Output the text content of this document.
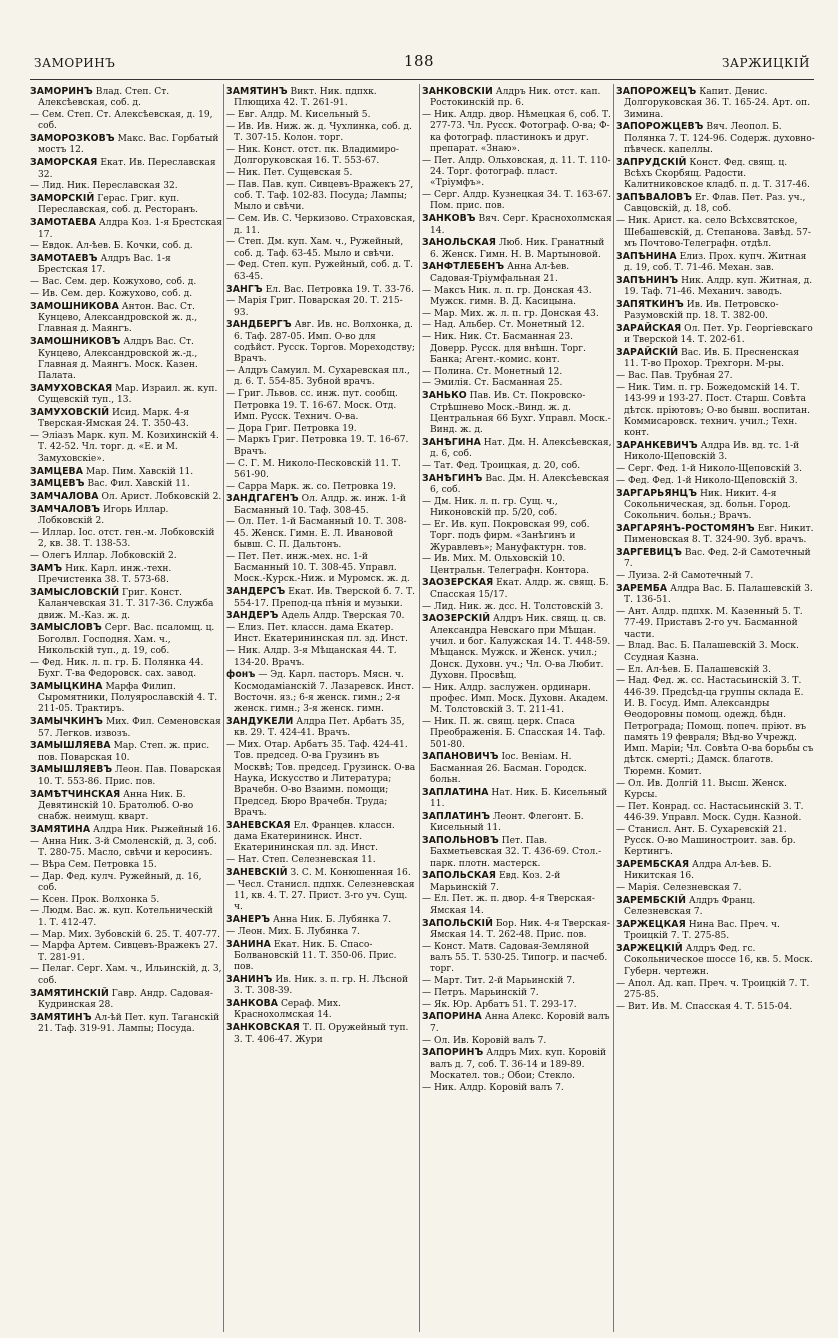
ЗАМОРИНЪ	188	ЗАРЖИЦКІЙ
ЗАМОРИНЪ Влад. Степ. Ст. Алексѣевская, соб. д.
— Сем. Степ. Ст. Алексѣевская, д. 19, соб.
ЗАМОРОЗКОВЪ Макс. Вас. Горбатый мостъ 12.
ЗАМОРСКАЯ Екат. Ив. Переславская 32.
— Лид. Ник. Переславская 32.
ЗАМОРСКІЙ Герас. Григ. куп. Переславская, соб. д. Ресторанъ.
ЗАМОТАЕВА Алдра Коз. 1-я Брестская 17.
— Евдок. Ал-ѣев. Б. Кочки, соб. д.
ЗАМОТАЕВЪ Алдръ Вас. 1-я Брестская 17.
— Вас. Сем. дер. Кожухово, соб. д.
— Ив. Сем. дер. Кожухово, соб. д.
ЗАМОШНИКОВА Антон. Вас. Ст. Кунцево, Александровской ж. д., Главная д. Маянгъ.
ЗАМОШНИКОВЪ Алдръ Вас. Ст. Кунцево, Александровской ж.-д., Главная д. Маянгъ. Моск. Казен. Палата.
ЗАМУХОВСКАЯ Мар. Израил. ж. куп. Сущевскій туп., 13.
ЗАМУХОВСКІЙ Исид. Марк. 4-я Тверская-Ямская 24. Т. 350-43.
— Эліазъ Марк. куп. М. Козихинскій 4. Т. 42-52. Чл. торг. д. «Е. и М. Замуховскіе».
ЗАМЦЕВА Мар. Пим. Хавскій 11.
ЗАМЦЕВЪ Вас. Фил. Хавскій 11.
ЗАМЧАЛОВА Ол. Арист. Лобковскій 2.
ЗАМЧАЛОВЪ Игорь Иллар. Лобковскій 2.
— Иллар. Іос. отст. ген.-м. Лобковскій 2, кв. 38. Т. 138-53.
— Олегъ Иллар. Лобковскій 2.
ЗАМЪ Ник. Карл. инж.-техн. Пречистенка 38. Т. 573-68.
ЗАМЫСЛОВСКІЙ Григ. Конст. Каланчевская 31. Т. 317-36. Служба движ. М.-Каз. ж. д.
ЗАМЫСЛОВЪ Серг. Вас. псаломщ. ц. Боголвл. Господня. Хам. ч., Никольскій туп., д. 19, соб.
— Фед. Ник. л. п. гр. Б. Полянка 44. Бухг. Т-ва Федоровск. сах. завод.
ЗАМЫЦКИНА Марфа Филип. Сыромятники, Полуярославскій 4. Т. 211-05. Трактиръ.
ЗАМЫЧКИНЪ Мих. Фил. Семеновская 57. Легков. извозъ.
ЗАМЫШЛЯЕВА Мар. Степ. ж. прис. пов. Поварская 10.
ЗАМЫШЛЯЕВЪ Леон. Пав. Поварская 10. Т. 553-86. Прис. пов.
ЗАМѢТЧИНСКАЯ Анна Ник. Б. Девятинскій 10. Братолюб. О-во снабж. неимущ. кварт.
ЗАМЯТИНА Алдра Ник. Рыжейный 16.
— Анна Ник. 3-й Смоленскій, д. 3, соб. Т. 280-75. Масло, свѣчи и керосинъ.
— Вѣра Сем. Петровка 15.
— Дар. Фед. кулч. Ружейный, д. 16, соб.
— Ксен. Прок. Волхонка 5.
— Людм. Вас. ж. куп. Котельническій 1. Т. 412-47.
— Мар. Мих. Зубовскій 6. 25. Т. 407-77.
— Марфа Артем. Сивцевъ-Вражекъ 27. Т. 281-91.
— Пелаг. Серг. Хам. ч., Ильинскій, д. 3, соб.
ЗАМЯТИНСКІЙ Гавр. Андр. Садовая-Кудринская 28.
ЗАМЯТИНЪ Ал-ѣй Пет. куп. Таганскій 21. Таф. 319-91. Лампы; Посуда.
ЗАМЯТИНЪ Викт. Ник. пдпхк. Плющиха 42. Т. 261-91.
— Евг. Алдр. М. Кисельный 5.
— Ив. Ив. Ниж. ж. д. Чухлинка, соб. д. Т. 307-15. Колон. торг.
— Ник. Конст. отст. пк. Владимиро-Долгоруковская 16. Т. 553-67.
— Ник. Пет. Сущевская 5.
— Пав. Пав. куп. Сивцевъ-Вражекъ 27, соб. Т. Таф. 102-83. Посуда; Лампы; Мыло и свѣчи.
— Сем. Ив. С. Черкизово. Страховская, д. 11.
— Степ. Дм. куп. Хам. ч., Ружейный, соб. д. Таф. 63-45. Мыло и свѣчи.
— Фед. Степ. куп. Ружейный, соб. д. Т. 63-45.
ЗАНГЪ Ел. Вас. Петровка 19. Т. 33-76.
— Марія Григ. Поварская 20. Т. 215-93.
ЗАНДБЕРГЪ Авг. Ив. нс. Волхонка, д. 6. Таф. 287-05. Имп. О-во для содѣйст. Русск. Торгов. Мореходству; Врачъ.
— Алдръ Самуил. М. Сухаревская пл., д. 6. Т. 554-85. Зубной врачъ.
— Григ. Львов. сс. инж. пут. сообщ. Петровка 19. Т. 16-67. Моск. Отд. Имп. Русск. Технич. О-ва.
— Дора Григ. Петровка 19.
— Маркъ Григ. Петровка 19. Т. 16-67. Врачъ.
— С. Г. М. Николо-Песковскій 11. Т. 561-90.
— Сарра Марк. ж. со. Петровка 19.
ЗАНДГАГЕНЪ Ол. Алдр. ж. инж. 1-й Басманный 10. Таф. 308-45.
— Ол. Пет. 1-й Басманный 10. Т. 308-45. Женск. Гимн. Е. Л. Ивановой бывш. С. П. Дальтонъ.
— Пет. Пет. инж.-мех. нс. 1-й Басманный 10. Т. 308-45. Управл. Моск.-Курск.-Ниж. и Муромск. ж. д.
ЗАНДЕРСЪ Екат. Ив. Тверской б. 7. Т. 554-17. Препод-ца пѣнія и музыки.
ЗАНДЕРЪ Адель Алдр. Тверская 70.
— Елиз. Пет. классн. дама Екатер. Инст. Екатерининская пл. зд. Инст.
— Ник. Алдр. 3-я Мѣщанская 44. Т. 134-20. Врачъ.
фонъ — Эд. Карл. пасторъ. Мясн. ч. Космодаміанскій 7. Лазаревск. Инст. Восточн. яз.; 6-я женск. гимн.; 2-я женск. гимн.; 3-я женск. гимн.
ЗАНДУКЕЛИ Алдра Пет. Арбатъ 35, кв. 29. Т. 424-41. Врачъ.
— Мих. Отар. Арбатъ 35. Таф. 424-41. Тов. председ. О-ва Грузинъ въ Москвѣ; Тов. председ. Грузинск. О-ва Наука, Искусство и Литература; Врачебн. О-во Взаимн. помощи; Председ. Бюро Врачебн. Труда; Врачъ.
ЗАНЕВСКАЯ Ел. Францев. классн. дама Екатерининск. Инст. Екатерининская пл. зд. Инст.
— Нат. Степ. Селезневская 11.
ЗАНЕВСКІЙ З. С. М. Конюшенная 16.
— Чесл. Станисл. пдпхк. Селезневская 11, кв. 4. Т. 27. Прист. 3-го уч. Сущ. ч.
ЗАНЕРЪ Анна Ник. Б. Лубянка 7.
— Леон. Мих. Б. Лубянка 7.
ЗАНИНА Екат. Ник. Б. Спасо-Болвановскій 11. Т. 350-06. Прис. пов.
ЗАНИНЪ Ив. Ник. з. п. гр. Н. Лѣсной 3. Т. 308-39.
ЗАНКОВА Сераф. Мих. Краснохолмская 14.
ЗАНКОВСКАЯ Т. П. Оружейный туп. 3. Т. 406-47. Жури
ЗАНКОВСКІЙ Алдръ Ник. отст. кап. Ростокинскій пр. 6.
— Ник. Алдр. двор. Нѣмецкая 6, соб. Т. 277-73. Чл. Русск. Фотограф. О-ва; Ф-ка фотограф. пластинокъ и друг. препарат. «Знаю».
— Пет. Алдр. Ольховская, д. 11. Т. 110-24. Торг. фотограф. плаcт. «Тріумфъ».
— Серг. Алдр. Кузнецкая 34. Т. 163-67. Пом. прис. пов.
ЗАНКОВЪ Вяч. Серг. Краснохолмская 14.
ЗАНОЛЬСКАЯ Люб. Ник. Гранатный 6. Женск. Гимн. Н. В. Мартыновой.
ЗАНФТЛЕБЕНЪ Анна Ал-ѣев. Садовая-Тріумфальная 21.
— Максъ Ник. л. п. гр. Донская 43. Мужск. гимн. В. Д. Касицына.
— Мар. Мих. ж. л. п. гр. Донская 43.
— Над. Альбер. Ст. Монетный 12.
— Ник. Ник. Ст. Басманная 23. Доверр. Русск. для внѣшн. Торг. Банка; Агент.-комис. конт.
— Полина. Ст. Монетный 12.
— Эмилія. Ст. Басманная 25.
ЗАНЬКО Пав. Ив. Ст. Покровско-Стрѣшнево Моск.-Винд. ж. д. Центральная 66 Бухг. Управл. Моск.-Винд. ж. д.
ЗАНѢГИНА Нат. Дм. Н. Алексѣевская, д. 6, соб.
— Тат. Фед. Троицкая, д. 20, соб.
ЗАНѢГИНЪ Вас. Дм. Н. Алексѣевская 6, соб.
— Дм. Ник. л. п. гр. Сущ. ч., Никоновскій пр. 5/20, соб.
— Ег. Ив. куп. Покровская 99, соб. Торг. подъ фирм. «Занѣгинъ и Журавлевъ»; Мануфактурн. тов.
— Ив. Мих. М. Ольховскій 10. Центральн. Телеграфн. Контора.
ЗАОЗЕРСКАЯ Екат. Алдр. ж. свящ. Б. Спасская 15/17.
— Лид. Ник. ж. дсс. Н. Толстовскій 3.
ЗАОЗЕРСКІЙ Алдръ Ник. свящ. ц. св. Александра Невскаго при Мѣщан. учил. и бог. Калужская 14. Т. 448-59. Мѣщанск. Мужск. и Женск. учил.; Донск. Духовн. уч.; Чл. О-ва Любит. Духовн. Просвѣщ.
— Ник. Алдр. заслужен. ординарн. профес. Имп. Моск. Духовн. Академ. М. Толстовскій 3. Т. 211-41.
— Ник. П. ж. свящ. церк. Спаса Преображенія. Б. Спасская 14. Таф. 501-80.
ЗАПАНОВИЧЪ Іос. Веніам. Н. Басманная 26. Басман. Городск. больн.
ЗАПЛАТИНА Нат. Ник. Б. Кисельный 11.
ЗАПЛАТИНЪ Леонт. Флегонт. Б. Кисельный 11.
ЗАПОЛЬНОВЪ Пет. Пав. Бахметьевская 32. Т. 436-69. Стол.-парк. плотн. мастерск.
ЗАПОЛЬСКАЯ Евд. Коз. 2-й Марьинскій 7.
— Ел. Пет. ж. п. двор. 4-я Тверская-Ямская 14.
ЗАПОЛЬСКІЙ Бор. Ник. 4-я Тверская-Ямская 14. Т. 262-48. Прис. пов.
— Конст. Матв. Садовая-Земляной валъ 55. Т. 530-25. Типогр. и пасчеб. торг.
— Март. Тит. 2-й Марьинскій 7.
— Петръ. Марьинскій 7.
— Як. Юр. Арбатъ 51. Т. 293-17.
ЗАПОРИНА Анна Алекс. Коровій валъ 7.
— Ол. Ив. Коровій валъ 7.
ЗАПОРИНЪ Алдръ Мих. куп. Коровій валъ д. 7, соб. Т. 36-14 и 189-89. Москател. тов.; Обои; Стекло.
— Ник. Алдр. Коровій валъ 7.
ЗАПОРОЖЕЦЪ Капит. Денис. Долгоруковская 36. Т. 165-24. Арт. оп. Зимина.
ЗАПОРОЖЦЕВЪ Вяч. Леопол. Б. Полянка 7. Т. 124-96. Содерж. духовно-пѣвческ. капеллы.
ЗАПРУДСКІЙ Конст. Фед. свящ. ц. Всѣхъ Скорбящ. Радости. Калитниковское кладб. п. д. Т. 317-46.
ЗАПѢВАЛОВЪ Ег. Флав. Пет. Раз. уч., Савцовскій, д. 18, соб.
— Ник. Арист. ка. село Всѣхсвятское, Шебашевскій, д. Степанова. Завѣд. 57-мъ Почтово-Телеграфн. отдѣл.
ЗАПѢНИНА Елиз. Прох. купч. Житная д. 19, соб. Т. 71-46. Механ. зав.
ЗАПѢНИНЪ Ник. Алдр. куп. Житная, д. 19. Таф. 71-46. Механич. заводъ.
ЗАПЯТКИНЪ Ив. Ив. Петровско-Разумовскій пр. 18. Т. 382-00.
ЗАРАЙСКАЯ Ол. Пет. Ур. Георгіевскаго и Тверской 14. Т. 202-61.
ЗАРАЙСКІЙ Вас. Ив. Б. Пресненская 11. Т-во Прохор. Трехгорн. М-ры.
— Вас. Пав. Трубная 27.
— Ник. Тим. п. гр. Божедомскій 14. Т. 143-99 и 193-27. Пост. Старш. Совѣта дѣтск. пріютовъ; О-во бывш. воспитан. Коммисаровск. технич. учил.; Техн. конт.
ЗАРАНКЕВИЧЪ Алдра Ив. вд. тс. 1-й Николо-Щеповскій 3.
— Серг. Фед. 1-й Николо-Щеповскій 3.
— Фед. Фед. 1-й Николо-Щеповскій 3.
ЗАРГАРЬЯНЦЪ Ник. Никит. 4-я Сокольническая, зд. больн. Город. Сокольнич. больн.; Врачъ.
ЗАРГАРЯНЪ-РОСТОМЯНЪ Евг. Никит. Пименовская 8. Т. 324-90. Зуб. врачъ.
ЗАРГЕВИЦЪ Вас. Фед. 2-й Самотечный 7.
— Луиза. 2-й Самотечный 7.
ЗАРЕМБА Алдра Вас. Б. Палашевскій 3. Т. 136-51.
— Ант. Алдр. пдпхк. М. Казенный 5. Т. 77-49. Приставъ 2-го уч. Басманной части.
— Влад. Вас. Б. Палашевскій 3. Моск. Ссудная Казна.
— Ел. Ал-ѣев. Б. Палашевскій 3.
— Над. Фед. ж. сс. Настасьинскій 3. Т. 446-39. Предсѣд-ца группы склада Е. И. В. Госуд. Имп. Александры Ѳеодоровны помощ. одежд. бѣдн. Петрограда; Помощ. попеч. пріют. въ память 19 февраля; Вѣд-во Учрежд. Имп. Маріи; Чл. Совѣта О-ва борьбы съ дѣтск. смерті.; Дамск. благотв. Тюремн. Комит.
— Ол. Ив. Долгій 11. Высш. Женск. Курсы.
— Пет. Конрад. сс. Настасьинскій 3. Т. 446-39. Управл. Моск. Судн. Казной.
— Станисл. Ант. Б. Сухаревскій 21. Русск. О-во Машиностроит. зав. бр. Кертингъ.
ЗАРЕМБСКАЯ Алдра Ал-ѣев. Б. Никитская 16.
— Марія. Селезневская 7.
ЗАРЕМБСКІЙ Алдръ Франц. Селезневская 7.
ЗАРЖЕЦКАЯ Нина Вас. Преч. ч. Троицкій 7. Т. 275-85.
ЗАРЖЕЦКІЙ Алдръ Фед. гс. Сокольническое шоссе 16, кв. 5. Моск. Губерн. чертежн.
— Апол. Ад. кап. Преч. ч. Троицкій 7. Т. 275-85.
— Вит. Ив. М. Спасская 4. Т. 515-04.
